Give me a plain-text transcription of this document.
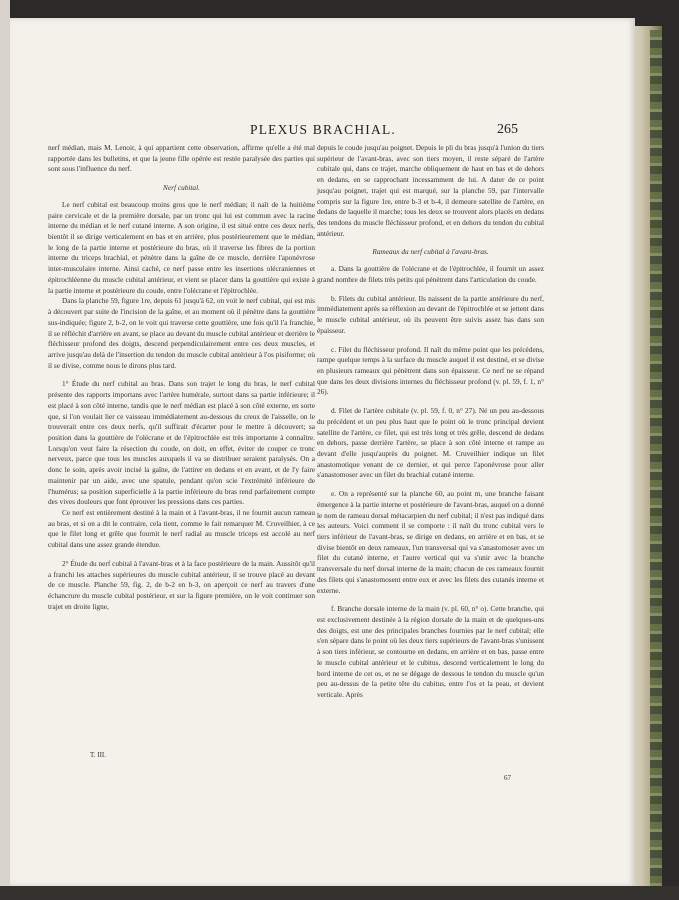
PLEXUS BRACHIAL.	265

nerf médian, mais M. Lenoir, à qui appartient cette observation, affirme qu'elle a été mal rapportée dans les bulletins, et que la jeune fille opérée est restée paralysée des parties qui sont sous l'influence du nerf.

Nerf cubital.

Le nerf cubital est beaucoup moins gros que le nerf médian; il naît de la huitième paire cervicale et de la première dorsale, par un tronc qui lui est commun avec la racine interne du médian et le nerf cutané interne. A son origine, il est situé entre ces deux nerfs, bientôt il se dirige verticalement en bas et en arrière, plus postérieurement que le médian, le long de la partie interne et postérieure du bras, où il traverse les fibres de la portion interne du triceps brachial, et pénètre dans la gaîne de ce muscle, derrière l'aponévrose inter-musculaire interne. Ainsi caché, ce nerf passe entre les insertions olécraniennes et épitrochléenne du muscle cubital antérieur, et vient se placer dans la gouttière qui existe à la partie interne et postérieure du coude, entre l'olécrane et l'épitrochlée.

Dans la planche 59, figure 1re, depuis 61 jusqu'à 62, on voit le nerf cubital, qui est mis à découvert par suite de l'incision de la gaîne, et au moment où il pénètre dans la gouttière sus-indiquée; figure 2, b-2, on le voit qui traverse cette gouttière, une fois qu'il l'a franchie, il se réfléchit d'arrière en avant, se place au devant du muscle cubital antérieur et derrière le fléchisseur profond des doigts, descend perpendiculairement entre ces deux muscles, et arrive jusqu'au delà de l'insertion du tendon du muscle cubital antérieur à l'os pisiforme; où il se divise, comme nous le dirons plus tard.

1° Étude du nerf cubital au bras. Dans son trajet le long du bras, le nerf cubital présente des rapports importans avec l'artère humérale, surtout dans sa partie inférieure; il est placé à son côté interne, tandis que le nerf médian est placé à son côté externe, en sorte que, si l'on voulait lier ce vaisseau immédiatement au-dessous du creux de l'aisselle, on le trouverait entre ces deux nerfs, qu'il suffirait d'écarter pour le mettre à découvert; sa position dans la gouttière de l'olécrane et de l'épitrochlée est très importante à connaître. Lorsqu'on veut faire la résection du coude, on doit, en effet, éviter de couper ce tronc nerveux, parce que tous les muscles auxquels il va se distribuer seraient paralysés. On a donc le soin, après avoir incisé la gaîne, de l'attirer en dedans et en avant, et de l'y faire maintenir par un aide, avec une spatule, pendant qu'on scie l'extrémité inférieure de l'humérus; sa position superficielle à la partie inférieure du bras rend parfaitement compte des vives douleurs que font éprouver les pressions dans ces parties.

Ce nerf est entièrement destiné à la main et à l'avant-bras, il ne fournit aucun rameau au bras, et si on a dit le contraire, cela tient, comme le fait remarquer M. Cruveilhier, à ce que le filet long et grêle que fournit le nerf radial au muscle triceps est accolé au nerf cubital dans une assez grande étendue.

2° Étude du nerf cubital à l'avant-bras et à la face postérieure de la main. Aussitôt qu'il a franchi les attaches supérieures du muscle cubital antérieur, il se trouve placé au devant de ce muscle. Planche 59, fig. 2, de b-2 en b-3, on aperçoit ce nerf au travers d'une échancrure du muscle cubital postérieur, et sur la figure première, on le voit continuer son trajet en droite ligne,

depuis le coude jusqu'au poignet. Depuis le pli du bras jusqu'à l'union du tiers supérieur de l'avant-bras, avec son tiers moyen, il reste séparé de l'artère cubitale qui, dans ce trajet, marche obliquement de haut en bas et de dehors en dedans, en se rapprochant incessamment de lui. A dater de ce point jusqu'au poignet, trajet qui est marqué, sur la planche 59, par l'intervalle compris sur la figure 1re, entre b-3 et b-4, il demeure satellite de l'artère, en dedans de laquelle il marche; tous les deux se trouvent alors placés en dedans des tendons du muscle fléchisseur profond, et en dehors du tendon du cubital antérieur.

Rameaux du nerf cubital à l'avant-bras.

a. Dans la gouttière de l'olécrane et de l'épitrochlée, il fournit un assez grand nombre de filets très petits qui pénètrent dans l'articulation du coude.

b. Filets du cubital antérieur. Ils naissent de la partie antérieure du nerf, immédiatement après sa réflexion au devant de l'épitrochlée et se jettent dans le muscle cubital antérieur, où ils peuvent être suivis assez bas dans son épaisseur.

c. Filet du fléchisseur profond. Il naît du même point que les précédens, rampe quelque temps à la surface du muscle auquel il est destiné, et se divise en plusieurs rameaux qui pénètrent dans son épaisseur. Ce nerf ne se répand que dans les deux divisions internes du fléchisseur profond (v. pl. 59, f. 1, n° 26).

d. Filet de l'artère cubitale (v. pl. 59, f. 0, n° 27). Né un peu au-dessous du précédent et un peu plus haut que le point où le tronc principal devient satellite de l'artère, ce filet, qui est très long et très grêle, descend de dedans en dehors, passe derrière l'artère, se place à son côté interne et rampe au devant d'elle jusqu'auprès du poignet. M. Cruveilhier indique un filet anastomotique venant de ce dernier, et qui perce l'aponévrose pour aller s'anastomoser avec un filet du brachial cutané interne.

e. On a représenté sur la planche 60, au point m, une branche faisant émergence à la partie interne et postérieure de l'avant-bras, auquel on a donné le nom de rameau dorsal métacarpien du nerf cubital; il n'est pas indiqué dans les auteurs. Voici comment il se comporte : il naît du tronc cubital vers le tiers inférieur de l'avant-bras, se dirige en dedans, en arrière et en bas, et se divise bientôt en deux rameaux, l'un transversal qui va s'anastomoser avec un filet du cutané interne, et l'autre vertical qui va s'unir avec la branche transversale du nerf dorsal interne de la main; chacun de ces rameaux fournit des filets qui s'anastomosent entre eux et avec les filets des cutanés interne et externe.

f. Branche dorsale interne de la main (v. pl. 60, n° o). Cette branche, qui est exclusivement destinée à la région dorsale de la main et de quelques-uns des doigts, est une des principales branches fournies par le nerf cubital; elle s'en sépare dans le point où les deux tiers supérieurs de l'avant-bras s'unissent à son tiers inférieur, se contourne en dedans, en arrière et en bas, passe entre le muscle cubital antérieur et le cubitus, descend verticalement le long du bord interne de cet os, et ne se dégage de dessous le tendon du muscle qu'un peu au-dessus de la petite tête du cubitus, entre l'os et la peau, et devient verticale. Après

T. III.
67
